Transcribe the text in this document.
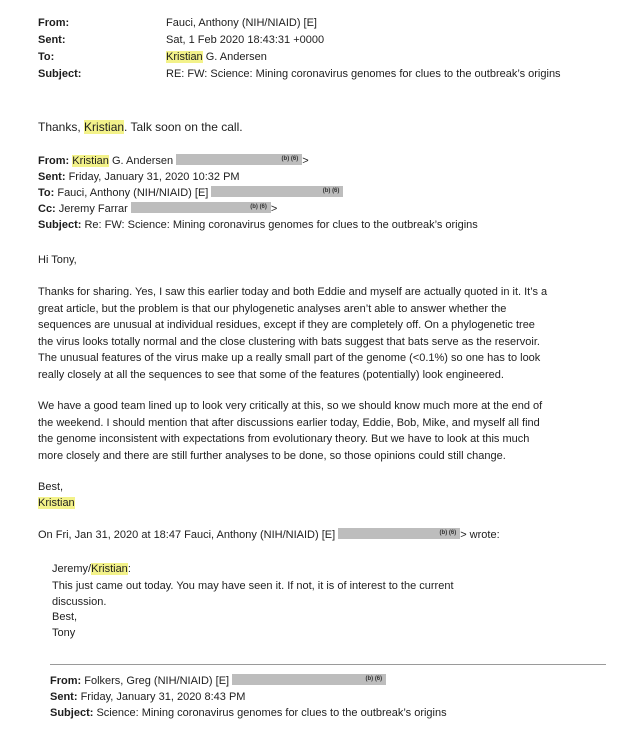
From:	Fauci, Anthony (NIH/NIAID) [E]
Sent:	Sat, 1 Feb 2020 18:43:31 +0000
To:	Kristian G. Andersen
Subject:	RE: FW: Science: Mining coronavirus genomes for clues to the outbreak’s origins
Thanks, Kristian. Talk soon on the call.
From: Kristian G. Andersen	(b) (6) >
Sent: Friday, January 31, 2020 10:32 PM
To: Fauci, Anthony (NIH/NIAID) [E]	(b) (6)
Cc: Jeremy Farrar	(b) (6) >
Subject: Re: FW: Science: Mining coronavirus genomes for clues to the outbreak’s origins
Hi Tony,
Thanks for sharing. Yes, I saw this earlier today and both Eddie and myself are actually quoted in it. It’s a
great article, but the problem is that our phylogenetic analyses aren’t able to answer whether the
sequences are unusual at individual residues, except if they are completely off. On a phylogenetic tree
the virus looks totally normal and the close clustering with bats suggest that bats serve as the reservoir.
The unusual features of the virus make up a really small part of the genome (<0.1%) so one has to look
really closely at all the sequences to see that some of the features (potentially) look engineered.
We have a good team lined up to look very critically at this, so we should know much more at the end of
the weekend. I should mention that after discussions earlier today, Eddie, Bob, Mike, and myself all find
the genome inconsistent with expectations from evolutionary theory. But we have to look at this much
more closely and there are still further analyses to be done, so those opinions could still change.
Best,
Kristian
On Fri, Jan 31, 2020 at 18:47 Fauci, Anthony (NIH/NIAID) [E]	(b) (6) > wrote:
Jeremy/Kristian:
This just came out today. You may have seen it. If not, it is of interest to the current
discussion.
Best,
Tony
From: Folkers, Greg (NIH/NIAID) [E]	(b) (6)
Sent: Friday, January 31, 2020 8:43 PM
Subject: Science: Mining coronavirus genomes for clues to the outbreak’s origins
